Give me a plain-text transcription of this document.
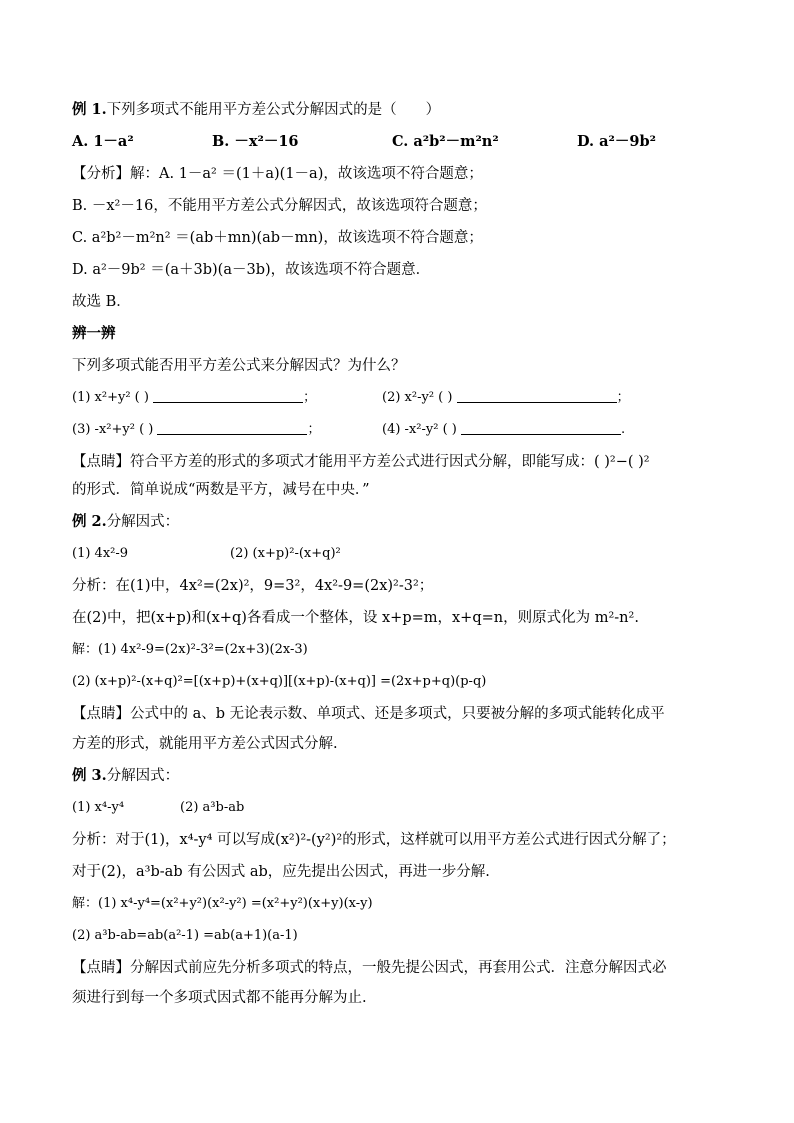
例 1.下列多项式不能用平方差公式分解因式的是（　　）
A. 1－a²	B. －x²－16	C. a²b²－m²n²	D. a²－9b²
【分析】解：A. 1－a² ＝(1＋a)(1－a)，故该选项不符合题意；
B. －x²－16，不能用平方差公式分解因式，故该选项符合题意；
C. a²b²－m²n² ＝(ab＋mn)(ab－mn)，故该选项不符合题意；
D. a²－9b² ＝(a＋3b)(a－3b)，故该选项不符合题意．
故选 B．
辨一辨
下列多项式能否用平方差公式来分解因式？为什么？
(1) x²+y² ( )	；	(2) x²-y² ( )	；
(3) -x²+y² ( )	；	(4) -x²-y² ( )	.
【点睛】符合平方差的形式的多项式才能用平方差公式进行因式分解，即能写成：( )²−( )²
的形式．简单说成“两数是平方，减号在中央．”
例 2.分解因式：
(1) 4x²-9	(2) (x+p)²-(x+q)²
分析：在(1)中，4x²=(2x)²，9=3²，4x²-9=(2x)²-3²；
在(2)中，把(x+p)和(x+q)各看成一个整体，设 x+p=m，x+q=n，则原式化为 m²-n².
解：(1) 4x²-9=(2x)²-3²=(2x+3)(2x-3)
(2) (x+p)²-(x+q)²=[(x+p)+(x+q)][(x+p)-(x+q)] =(2x+p+q)(p-q)
【点睛】公式中的 a、b 无论表示数、单项式、还是多项式，只要被分解的多项式能转化成平
方差的形式，就能用平方差公式因式分解.
例 3.分解因式：
(1) x⁴-y⁴	(2) a³b-ab
分析：对于(1)，x⁴-y⁴ 可以写成(x²)²-(y²)²的形式，这样就可以用平方差公式进行因式分解了；
对于(2)，a³b-ab 有公因式 ab，应先提出公因式，再进一步分解.
解：(1) x⁴-y⁴=(x²+y²)(x²-y²) =(x²+y²)(x+y)(x-y)
(2) a³b-ab=ab(a²-1) =ab(a+1)(a-1)
【点睛】分解因式前应先分析多项式的特点，一般先提公因式，再套用公式．注意分解因式必
须进行到每一个多项式因式都不能再分解为止.
